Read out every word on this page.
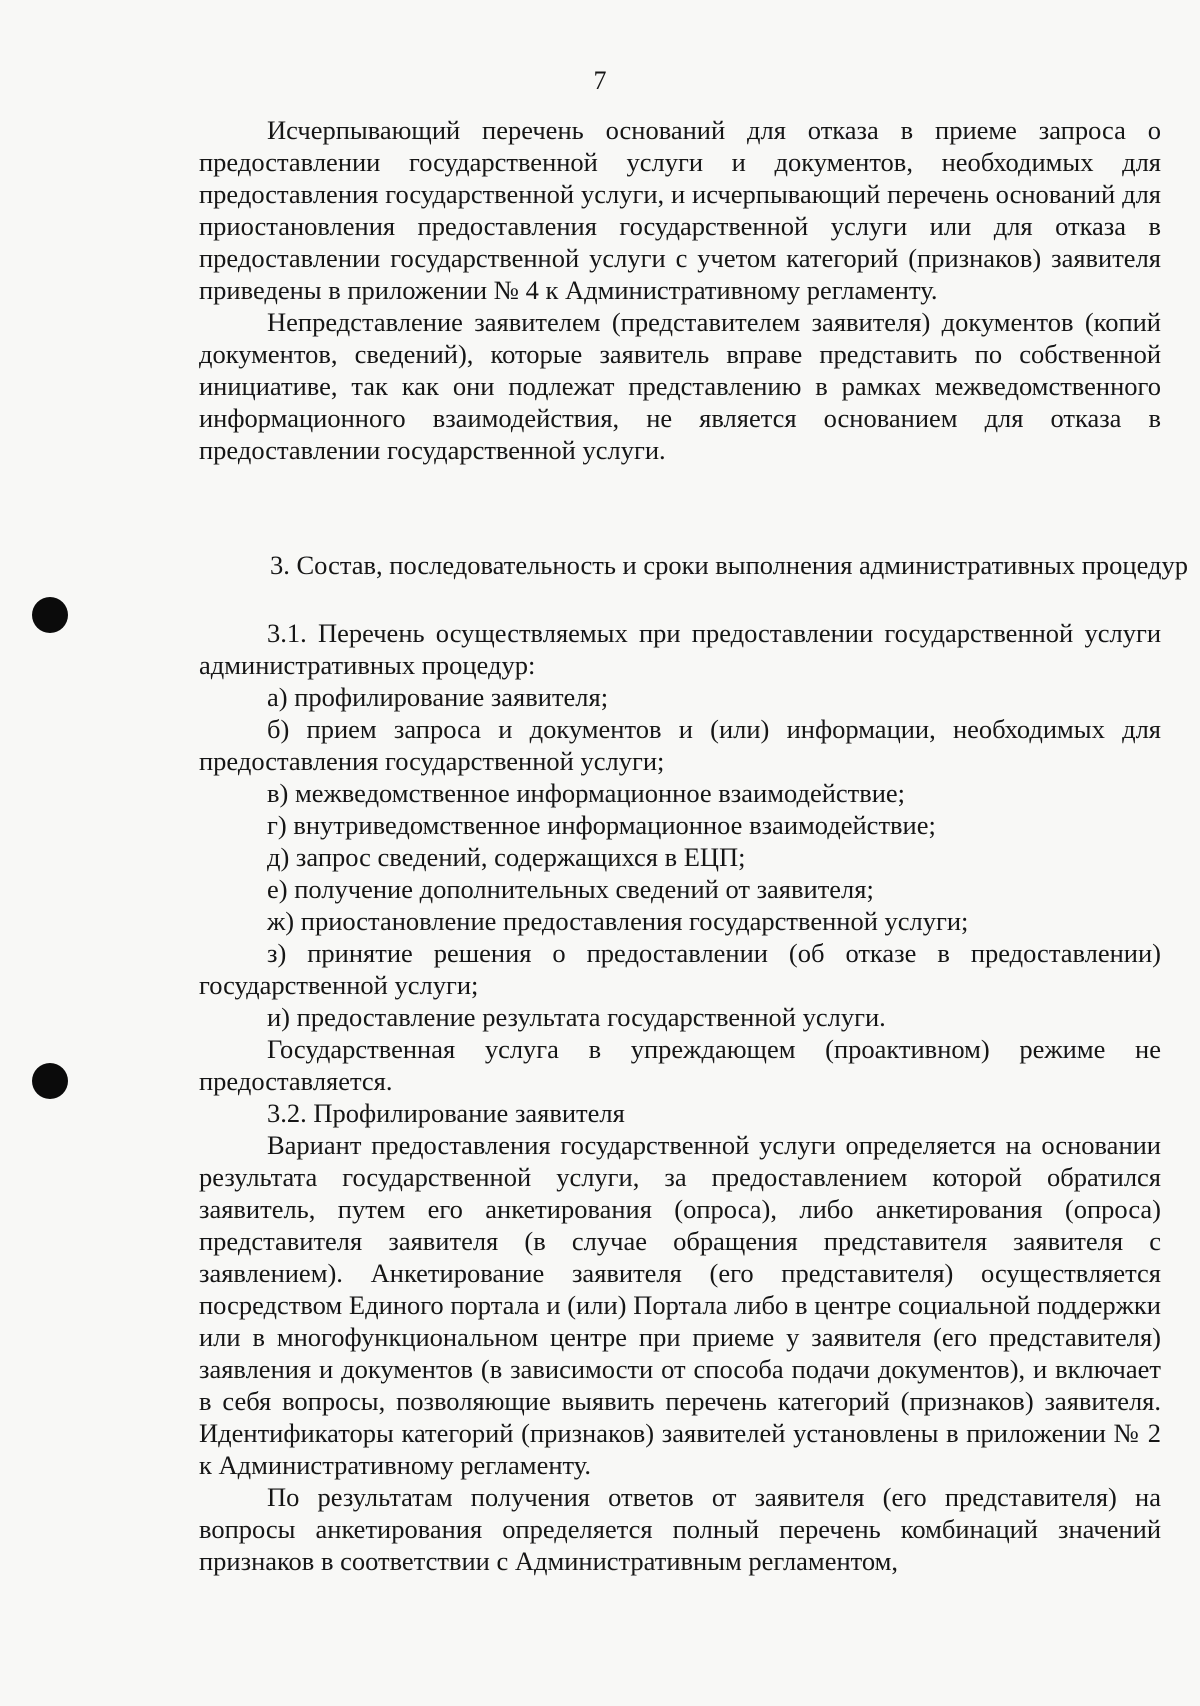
7

Исчерпывающий перечень оснований для отказа в приеме запроса о предоставлении государственной услуги и документов, необходимых для предоставления государственной услуги, и исчерпывающий перечень оснований для приостановления предоставления государственной услуги или для отказа в предоставлении государственной услуги с учетом категорий (признаков) заявителя приведены в приложении № 4 к Административному регламенту.

Непредставление заявителем (представителем заявителя) документов (копий документов, сведений), которые заявитель вправе представить по собственной инициативе, так как они подлежат представлению в рамках межведомственного информационного взаимодействия, не является основанием для отказа в предоставлении государственной услуги.

3. Состав, последовательность и сроки выполнения административных процедур

3.1. Перечень осуществляемых при предоставлении государственной услуги административных процедур:

а) профилирование заявителя;

б) прием запроса и документов и (или) информации, необходимых для предоставления государственной услуги;

в) межведомственное информационное взаимодействие;

г) внутриведомственное информационное взаимодействие;

д) запрос сведений, содержащихся в ЕЦП;

е) получение дополнительных сведений от заявителя;

ж) приостановление предоставления государственной услуги;

з) принятие решения о предоставлении (об отказе в предоставлении) государственной услуги;

и) предоставление результата государственной услуги.

Государственная услуга в упреждающем (проактивном) режиме не предоставляется.

3.2. Профилирование заявителя

Вариант предоставления государственной услуги определяется на основании результата государственной услуги, за предоставлением которой обратился заявитель, путем его анкетирования (опроса), либо анкетирования (опроса) представителя заявителя (в случае обращения представителя заявителя с заявлением). Анкетирование заявителя (его представителя) осуществляется посредством Единого портала и (или) Портала либо в центре социальной поддержки или в многофункциональном центре при приеме у заявителя (его представителя) заявления и документов (в зависимости от способа подачи документов), и включает в себя вопросы, позволяющие выявить перечень категорий (признаков) заявителя. Идентификаторы категорий (признаков) заявителей установлены в приложении № 2 к Административному регламенту.

По результатам получения ответов от заявителя (его представителя) на вопросы анкетирования определяется полный перечень комбинаций значений признаков в соответствии с Административным регламентом,
